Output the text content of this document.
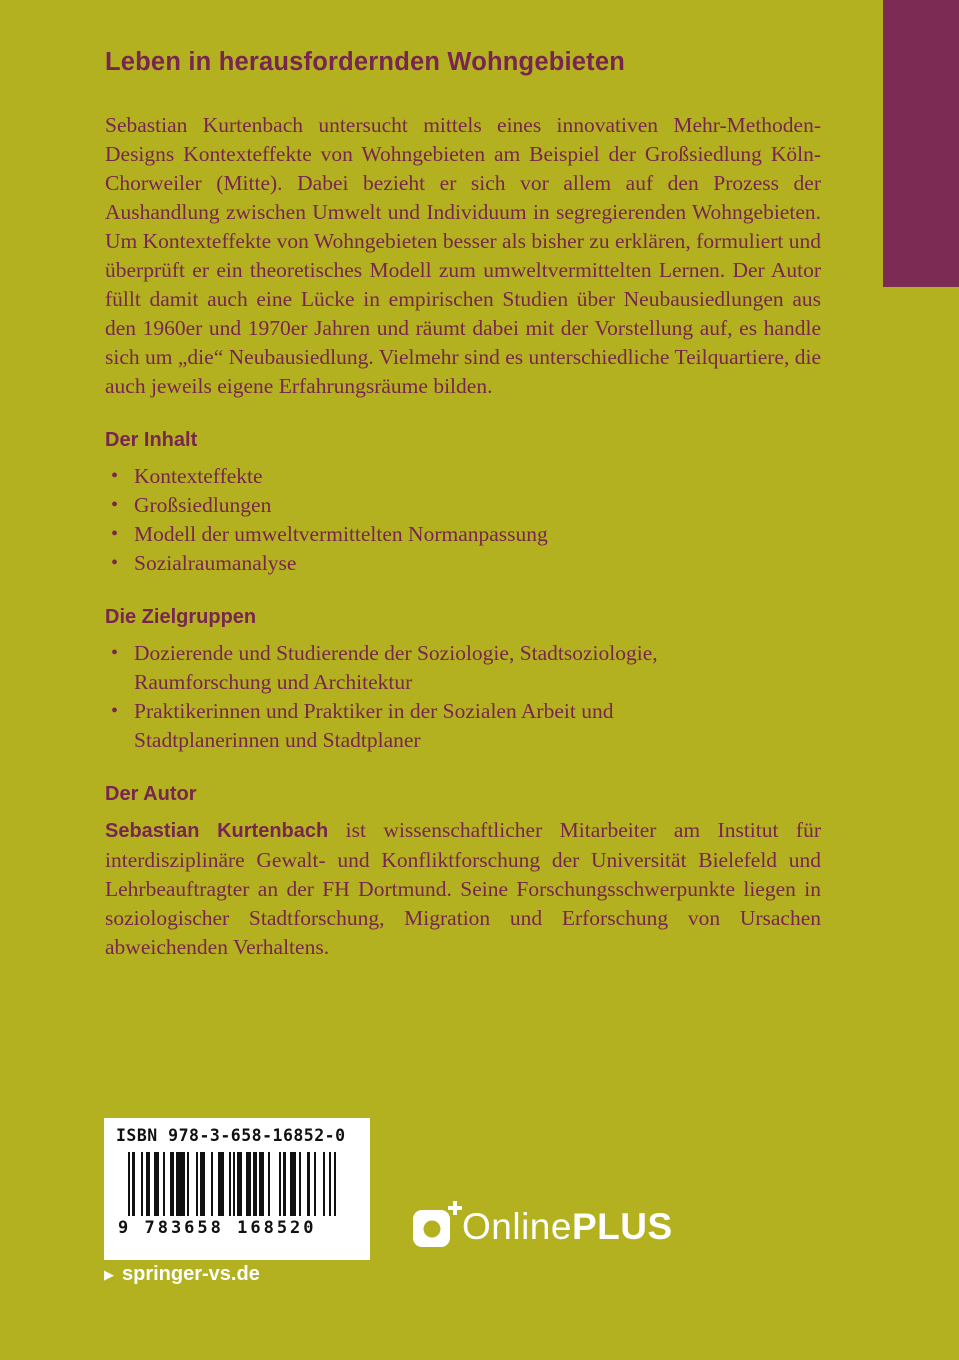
Leben in herausfordernden Wohngebieten

Sebastian Kurtenbach untersucht mittels eines innovativen Mehr-Methoden-Designs Kontexteffekte von Wohngebieten am Beispiel der Großsiedlung Köln-Chorweiler (Mitte). Dabei bezieht er sich vor allem auf den Prozess der Aushandlung zwischen Umwelt und Individuum in segregierenden Wohngebieten. Um Kontexteffekte von Wohngebieten besser als bisher zu erklären, formuliert und überprüft er ein theoretisches Modell zum umweltvermittelten Lernen. Der Autor füllt damit auch eine Lücke in empirischen Studien über Neubausiedlungen aus den 1960er und 1970er Jahren und räumt dabei mit der Vorstellung auf, es handle sich um „die“ Neubausiedlung. Vielmehr sind es unterschiedliche Teilquartiere, die auch jeweils eigene Erfahrungsräume bilden.

Der Inhalt
• Kontexteffekte
• Großsiedlungen
• Modell der umweltvermittelten Normanpassung
• Sozialraumanalyse
Die Zielgruppen
• Dozierende und Studierende der Soziologie, Stadtsoziologie, Raumforschung und Architektur
• Praktikerinnen und Praktiker in der Sozialen Arbeit und Stadtplanerinnen und Stadtplaner
Der Autor

Sebastian Kurtenbach ist wissenschaftlicher Mitarbeiter am Institut für interdisziplinäre Gewalt- und Konfliktforschung der Universität Bielefeld und Lehrbeauftragter an der FH Dortmund. Seine Forschungsschwerpunkte liegen in soziologischer Stadtforschung, Migration und Erforschung von Ursachen abweichenden Verhaltens.

ISBN 978-3-658-16852-0
9 783658 168520	OnlinePLUS
▶ springer-vs.de
